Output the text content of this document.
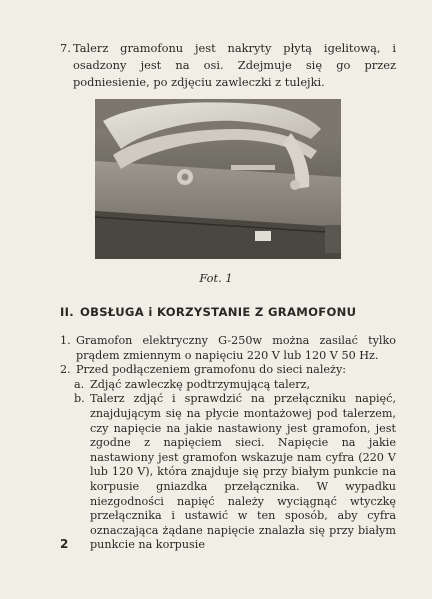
7. Talerz gramofonu jest nakryty płytą igelitową, i osadzony jest na osi. Zdejmuje się go przez podniesienie, po zdjęciu zawleczki z tulejki.
Fot. 1
II. OBSŁUGA i KORZYSTANIE Z GRAMOFONU
1. Gramofon elektryczny G-250w można zasilać tylko prądem zmiennym o napięciu 220 V lub 120 V 50 Hz.
2. Przed podłączeniem gramofonu do sieci należy:
a. Zdjąć zawleczkę podtrzymującą talerz,
b. Talerz zdjąć i sprawdzić na przełączniku napięć, znajdującym się na płycie montażowej pod talerzem, czy napięcie na jakie nastawiony jest gramofon, jest zgodne z napięciem sieci. Napięcie na jakie nastawiony jest gramofon wskazuje nam cyfra (220 V lub 120 V), która znajduje się przy białym punkcie na korpusie gniazdka przełącznika. W wypadku niezgodności napięć należy wyciągnąć wtyczkę przełącznika i ustawić w ten sposób, aby cyfra oznaczająca żądane napięcie znalazła się przy białym punkcie na korpusie
2
